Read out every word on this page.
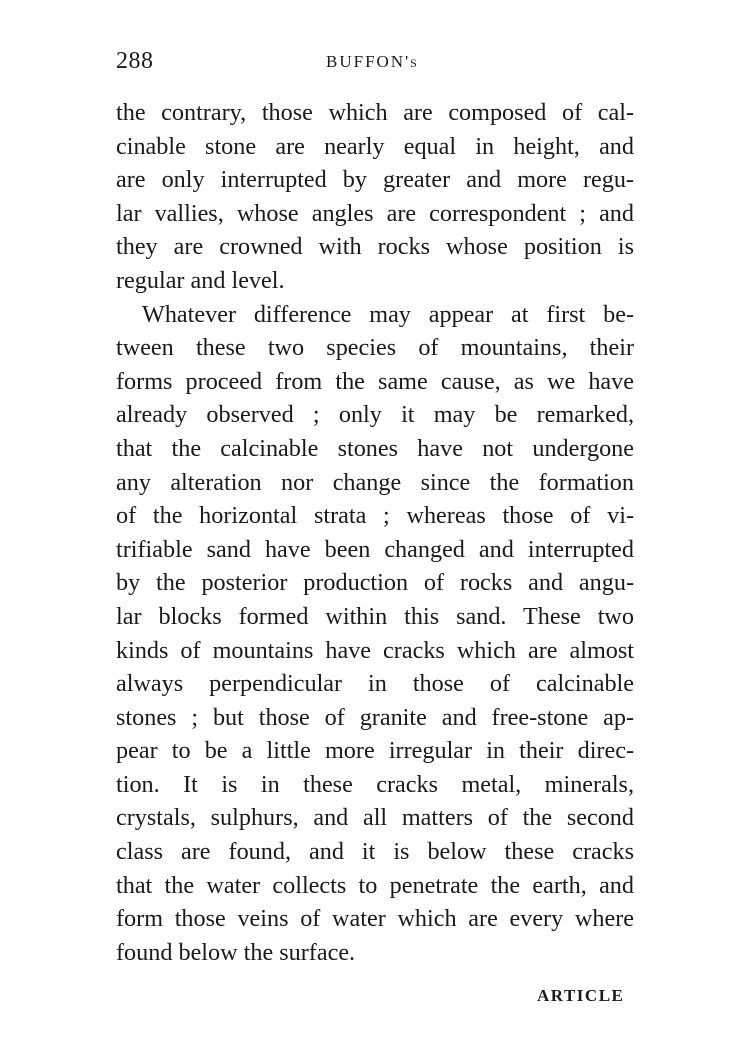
288	BUFFON's
the contrary, those which are composed of cal-
cinable stone are nearly equal in height, and
are only interrupted by greater and more regu-
lar vallies, whose angles are correspondent ; and
they are crowned with rocks whose position is
regular and level.
Whatever difference may appear at first be-
tween these two species of mountains, their
forms proceed from the same cause, as we have
already observed ; only it may be remarked,
that the calcinable stones have not undergone
any alteration nor change since the formation
of the horizontal strata ; whereas those of vi-
trifiable sand have been changed and interrupted
by the posterior production of rocks and angu-
lar blocks formed within this sand. These two
kinds of mountains have cracks which are almost
always perpendicular in those of calcinable
stones ; but those of granite and free-stone ap-
pear to be a little more irregular in their direc-
tion. It is in these cracks metal, minerals,
crystals, sulphurs, and all matters of the second
class are found, and it is below these cracks
that the water collects to penetrate the earth, and
form those veins of water which are every where
found below the surface.
ARTICLE
